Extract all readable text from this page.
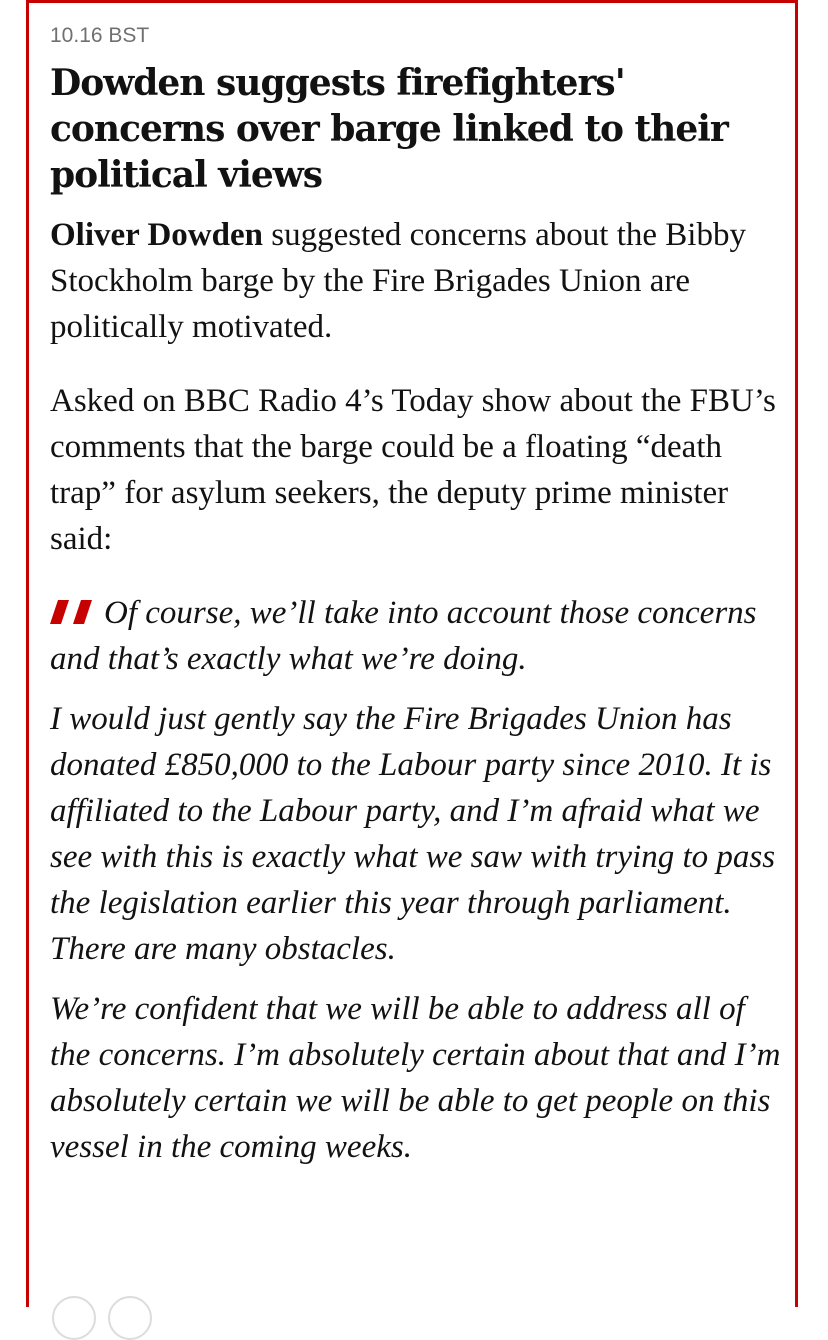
10.16 BST
Dowden suggests firefighters' concerns over barge linked to their political views

Oliver Dowden suggested concerns about the Bibby Stockholm barge by the Fire Brigades Union are politically motivated.

Asked on BBC Radio 4’s Today show about the FBU’s comments that the barge could be a floating “death trap” for asylum seekers, the deputy prime minister said:

Of course, we’ll take into account those concerns and that’s exactly what we’re doing.

I would just gently say the Fire Brigades Union has donated £850,000 to the Labour party since 2010. It is affiliated to the Labour party, and I’m afraid what we see with this is exactly what we saw with trying to pass the legislation earlier this year through parliament. There are many obstacles.

We’re confident that we will be able to address all of the concerns. I’m absolutely certain about that and I’m absolutely certain we will be able to get people on this vessel in the coming weeks.
